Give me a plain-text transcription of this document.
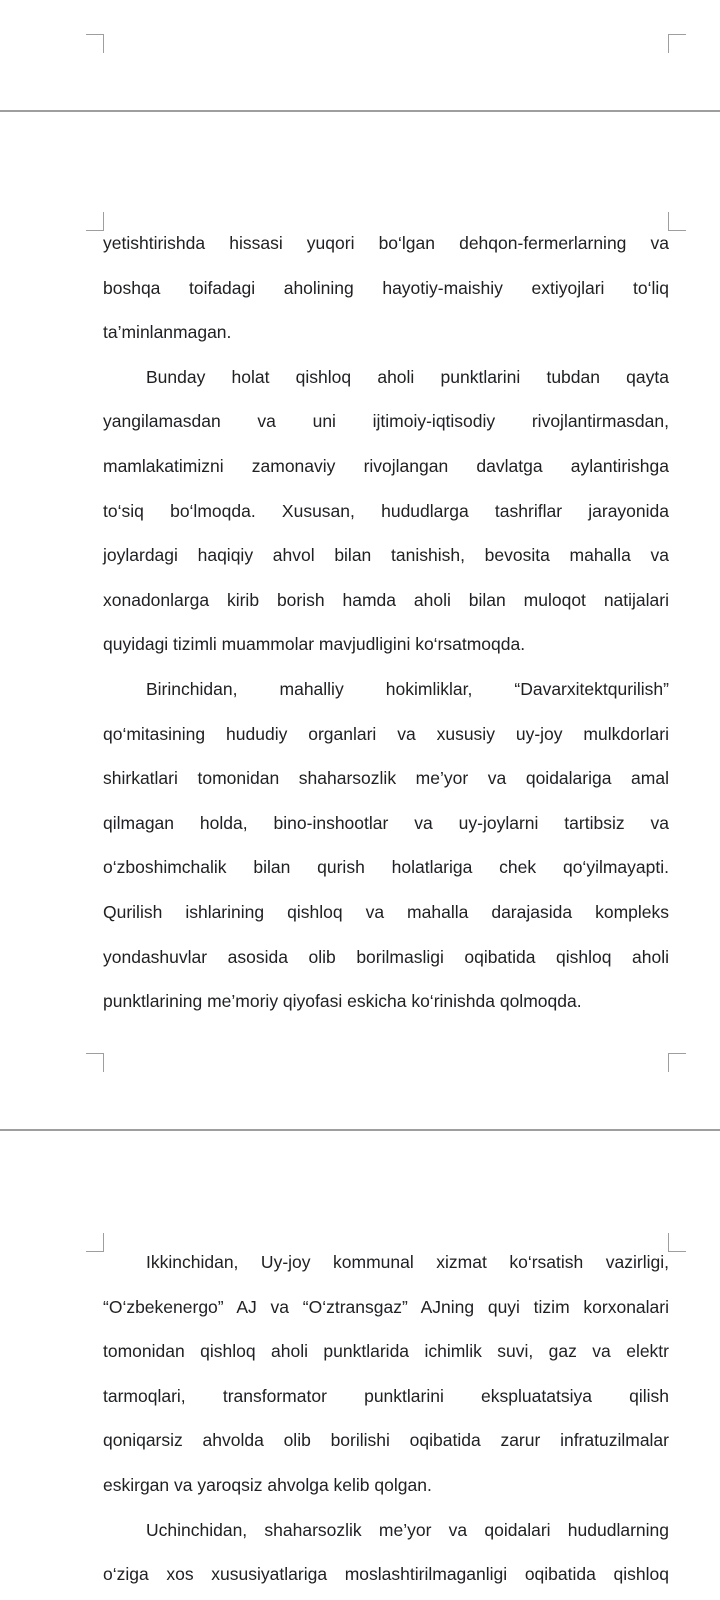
yetishtirishda hissasi yuqori bo‘lgan dehqon-fermerlarning va
boshqa toifadagi aholining hayotiy-maishiy extiyojlari to‘liq
ta’minlanmagan.
Bunday holat qishloq aholi punktlarini tubdan qayta
yangilamasdan va uni ijtimoiy-iqtisodiy rivojlantirmasdan,
mamlakatimizni zamonaviy rivojlangan davlatga aylantirishga
to‘siq bo‘lmoqda. Xususan, hududlarga tashriflar jarayonida
joylardagi haqiqiy ahvol bilan tanishish, bevosita mahalla va
xonadonlarga kirib borish hamda aholi bilan muloqot natijalari
quyidagi tizimli muammolar mavjudligini ko‘rsatmoqda.
Birinchidan, mahalliy hokimliklar, “Davarxitektqurilish”
qo‘mitasining hududiy organlari va xususiy uy-joy mulkdorlari
shirkatlari tomonidan shaharsozlik me’yor va qoidalariga amal
qilmagan holda, bino-inshootlar va uy-joylarni tartibsiz va
o‘zboshimchalik bilan qurish holatlariga chek qo‘yilmayapti.
Qurilish ishlarining qishloq va mahalla darajasida kompleks
yondashuvlar asosida olib borilmasligi oqibatida qishloq aholi
punktlarining me’moriy qiyofasi eskicha ko‘rinishda qolmoqda.
Ikkinchidan, Uy-joy kommunal xizmat ko‘rsatish vazirligi,
“O‘zbekenergo” AJ va “O‘ztransgaz” AJning quyi tizim korxonalari
tomonidan qishloq aholi punktlarida ichimlik suvi, gaz va elektr
tarmoqlari, transformator punktlarini ekspluatatsiya qilish
qoniqarsiz ahvolda olib borilishi oqibatida zarur infratuzilmalar
eskirgan va yaroqsiz ahvolga kelib qolgan.
Uchinchidan, shaharsozlik me’yor va qoidalari hududlarning
o‘ziga xos xususiyatlariga moslashtirilmaganligi oqibatida qishloq
